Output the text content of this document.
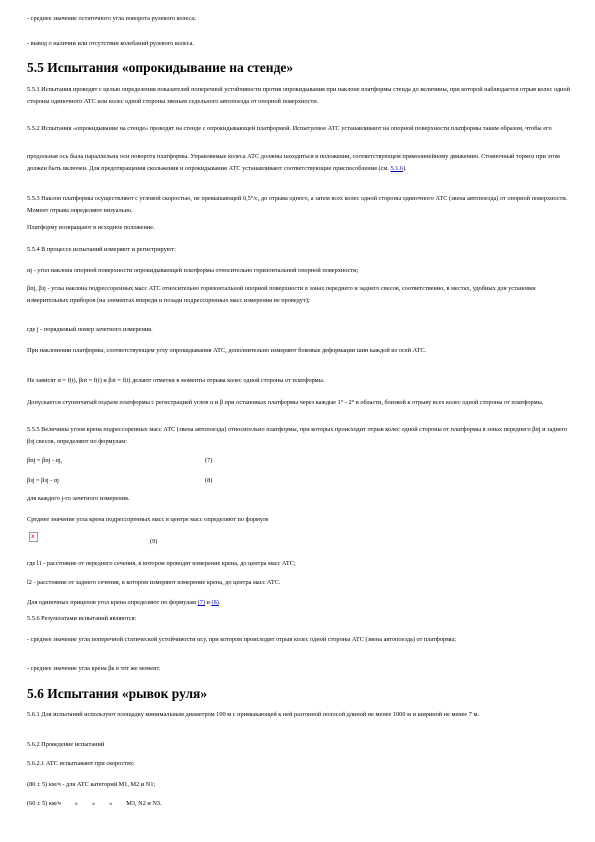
- среднее значение остаточного угла поворота рулевого колеса;

- вывод о наличии или отсутствии колебаний рулевого колеса.

5.5 Испытания «опрокидывание на стенде»

5.5.1 Испытания проводят с целью определения показателей поперечной устойчивости против опрокидывания при наклоне платформы стенда до величины, при которой наблюдается отрыв колес одной стороны одиночного АТС или колес одной стороны звеньев седельного автопоезда от опорной поверхности.

5.5.2 Испытания «опрокидывание на стенде» проводят на стенде с опрокидывающей платформой. Испытуемое АТС устанавливают на опорной поверхности платформы таким образом, чтобы его

продольная ось была параллельна оси поворота платформы. Управляемые колеса АТС должны находиться в положении, соответствующем прямолинейному движению. Стояночный тормоз при этом должен быть включен. Для предотвращения скольжения и опрокидывания АТС устанавливают соответствующие приспособления (см. 5.1.6).

5.5.3 Наклон платформы осуществляют с угловой скоростью, не превышающей 0,5°/с, до отрыва одного, а затем всех колес одной стороны одиночного АТС (звена автопоезда) от опорной поверхности. Момент отрыва определяют визуально.

Платформу возвращают в исходное положение.

5.5.4 В процессе испытаний измеряют и регистрируют:

αj - угол наклона опорной поверхности опрокидывающей платформы относительно горизонтальной опорной поверхности;

βпj, βзj - углы наклона подрессоренных масс АТС относительно горизонтальной опорной поверхности в зонах переднего и заднего свесов, соответственно, в местах, удобных для установки измерительных приборов (на элементах впереди и позади подрессоренных масс измерения не проведут);

где j - порядковый номер зачетного измерения.

При наклонении платформы, соответствующем углу опрокидывания АТС, дополнительно измеряют боковые деформации шин каждой из осей АТС.

Не зависят α = f(t), βпt = f(t) и βзt = f(t) делают отметки в моменты отрыва колес одной стороны от платформы.

Допускается ступенчатый подъем платформы с регистрацией углов α и β при остановках платформы через каждые 1° - 2° в области, близкой к отрыву всех колес одной стороны от платформы.

5.5.5 Величины углов крена подрессоренных масс АТС (звена автопоезда) относительно платформы, при которых происходит отрыв колес одной стороны от платформы в зонах переднего βпj и заднего βзj свесов, определяют по формулам:

βпj = βпj - αj,	(7)

βзj = βзj - αj	(8)

для каждого j-го зачетного измерения.

Среднее значение угла крена подрессоренных масс в центре масс определяют по формуле

x
(9)

где l1 - расстояние от переднего сечения, в котором проводят измерение крена, до центра масс АТС;

l2 - расстояние от заднего сечения, в котором измеряют измерение крена, до центра масс АТС.

Для одиночных прицепов угол крена определяют по формулам (7) и (8).

5.5.6 Результатами испытаний являются:

- среднее значение угла поперечной статической устойчивости αсу, при котором происходит отрыв колес одной стороны АТС (звена автопоезда) от платформы;

- среднее значение угла крена βк в тот же момент.

5.6 Испытания «рывок руля»

5.6.1 Для испытаний используют площадку минимальным диаметром 100 м с примыкающей к ней разгонной полосой длиной не менее 1000 м и шириной не менее 7 м.

5.6.2 Проведение испытаний

5.6.2.1 АТС испытывают при скоростях:

(80 ± 5) км/ч - для АТС категорий М1, М2 и N1;

(60 ± 5) км/ч » » » М3, N2 и N3.
